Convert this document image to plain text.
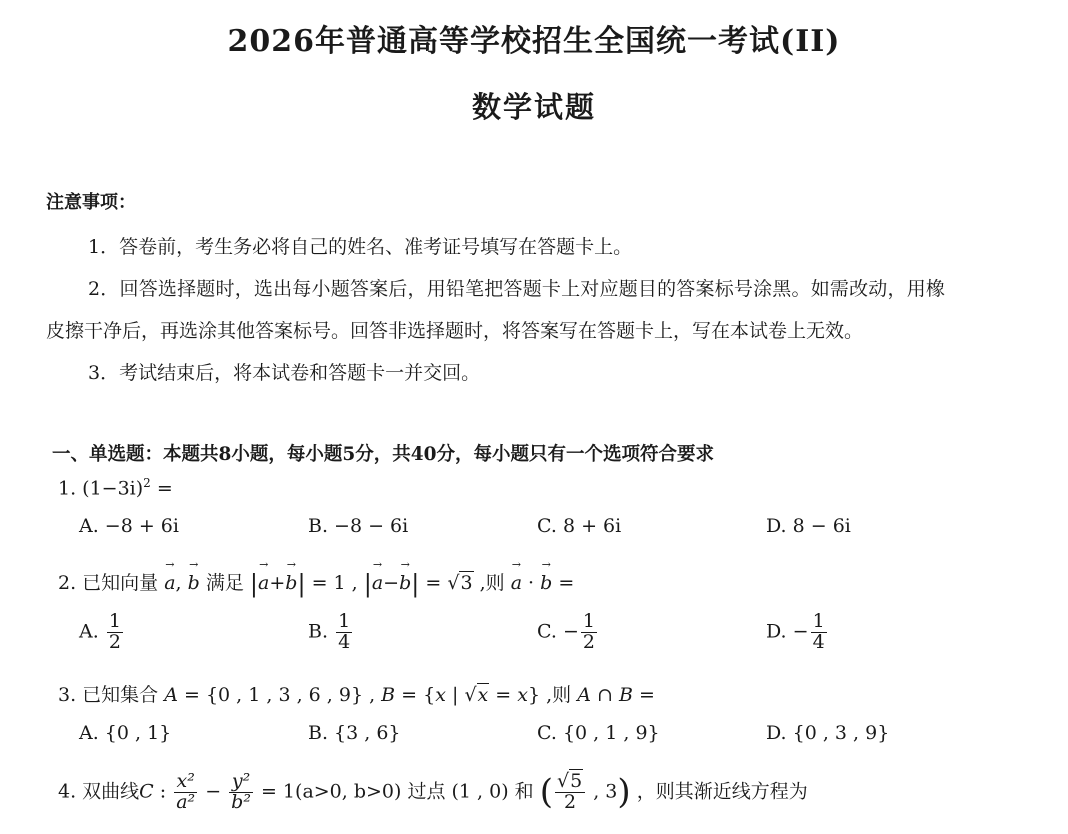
2026年普通高等学校招生全国统一考试(II)
数学试题
注意事项：
1．答卷前，考生务必将自己的姓名、准考证号填写在答题卡上。
2．回答选择题时，选出每小题答案后，用铅笔把答题卡上对应题目的答案标号涂黑。如需改动，用橡
皮擦干净后，再选涂其他答案标号。回答非选择题时，将答案写在答题卡上，写在本试卷上无效。
3．考试结束后，将本试卷和答题卡一并交回。
一、单选题：本题共8小题，每小题5分，共40分，每小题只有一个选项符合要求
1. $(1-3i)^2$ =
A. −8 + 6i	B. −8 − 6i	C. 8 + 6i	D. 8 − 6i
2. 已知向量 a →, b → 满足 |a →+b →| = 1 , |a →−b →| = √3 ,则 a → · b → =
A. $\frac{1}{2}$	B. $\frac{1}{4}$	C. − $\frac{1}{2}$	D. − $\frac{1}{4}$
3. 已知集合 A = {0 , 1 , 3 , 6 , 9} , B = {x | √x = x} ,则 A ∩ B =
A. {0 , 1}	B. {3 , 6}	C. {0 , 1 , 9}	D. {0 , 3 , 9}
4. 双曲线C : $\frac{\text{x²}}{\text{a²}} - \frac{\text{y²}}{\text{b²}} = 1(a>0$, b>0) 过点 (1 , 0) 和 ( $\frac{√5}{2}$ , 3) ，则其渐近线方程为
